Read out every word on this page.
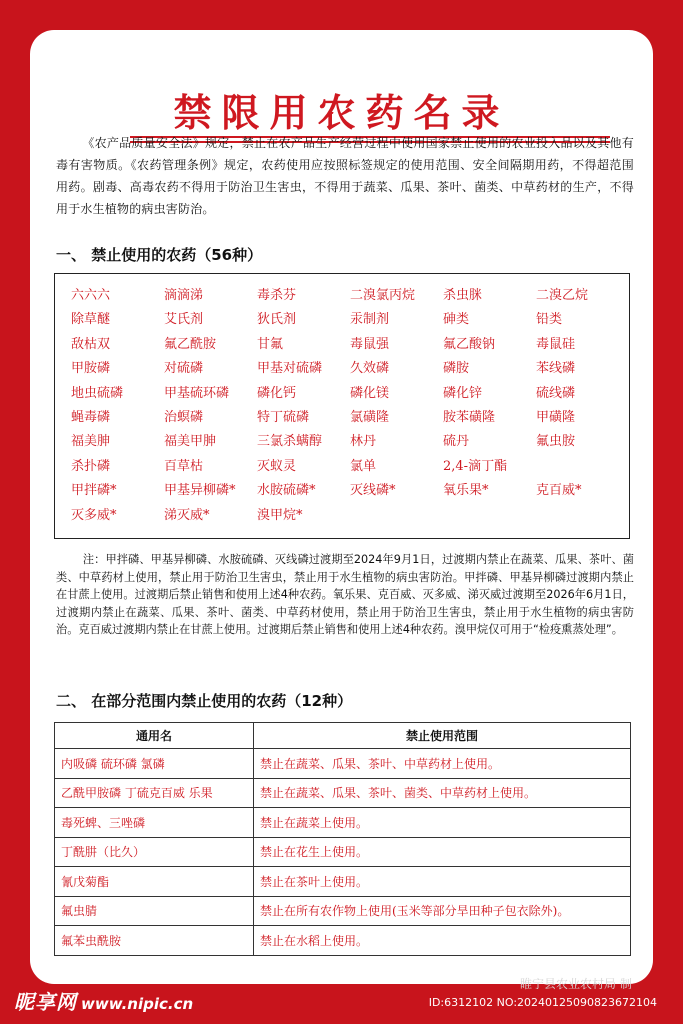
禁限用农药名录
《农产品质量安全法》规定，禁止在农产品生产经营过程中使用国家禁止使用的农业投入品以及其他有毒有害物质。《农药管理条例》规定，农药使用应按照标签规定的使用范围、安全间隔期用药，不得超范围用药。剧毒、高毒农药不得用于防治卫生害虫，不得用于蔬菜、瓜果、茶叶、菌类、中草药材的生产，不得用于水生植物的病虫害防治。
一、 禁止使用的农药（56种）
六六六	滴滴涕	毒杀芬	二溴氯丙烷	杀虫脒	二溴乙烷
除草醚	艾氏剂	狄氏剂	汞制剂	砷类	铅类
敌枯双	氟乙酰胺	甘氟	毒鼠强	氟乙酸钠	毒鼠硅
甲胺磷	对硫磷	甲基对硫磷	久效磷	磷胺	苯线磷
地虫硫磷	甲基硫环磷	磷化钙	磷化镁	磷化锌	硫线磷
蝇毒磷	治螟磷	特丁硫磷	氯磺隆	胺苯磺隆	甲磺隆
福美胂	福美甲胂	三氯杀螨醇	林丹	硫丹	氟虫胺
杀扑磷	百草枯	灭蚁灵	氯单	2,4-滴丁酯
甲拌磷*	甲基异柳磷*	水胺硫磷*	灭线磷*	氧乐果*	克百威*
灭多威*	涕灭威*	溴甲烷*
注：甲拌磷、甲基异柳磷、水胺硫磷、灭线磷过渡期至2024年9月1日，过渡期内禁止在蔬菜、瓜果、茶叶、菌类、中草药材上使用，禁止用于防治卫生害虫，禁止用于水生植物的病虫害防治。甲拌磷、甲基异柳磷过渡期内禁止在甘蔗上使用。过渡期后禁止销售和使用上述4种农药。氧乐果、克百威、灭多威、涕灭威过渡期至2026年6月1日，过渡期内禁止在蔬菜、瓜果、茶叶、菌类、中草药材使用，禁止用于防治卫生害虫，禁止用于水生植物的病虫害防治。克百威过渡期内禁止在甘蔗上使用。过渡期后禁止销售和使用上述4种农药。溴甲烷仅可用于“检疫熏蒸处理”。
二、 在部分范围内禁止使用的农药（12种）
通用名	禁止使用范围
内吸磷 硫环磷 氯磷	禁止在蔬菜、瓜果、茶叶、中草药材上使用。
乙酰甲胺磷 丁硫克百威 乐果	禁止在蔬菜、瓜果、茶叶、菌类、中草药材上使用。
毒死蜱、三唑磷	禁止在蔬菜上使用。
丁酰肼（比久）	禁止在花生上使用。
氰戊菊酯	禁止在茶叶上使用。
氟虫腈	禁止在所有农作物上使用(玉米等部分旱田种子包衣除外)。
氟苯虫酰胺	禁止在水稻上使用。
睢宁县农业农村局 制
昵享网 www.nipic.cn	ID:6312102 NO:20240125090823672104
